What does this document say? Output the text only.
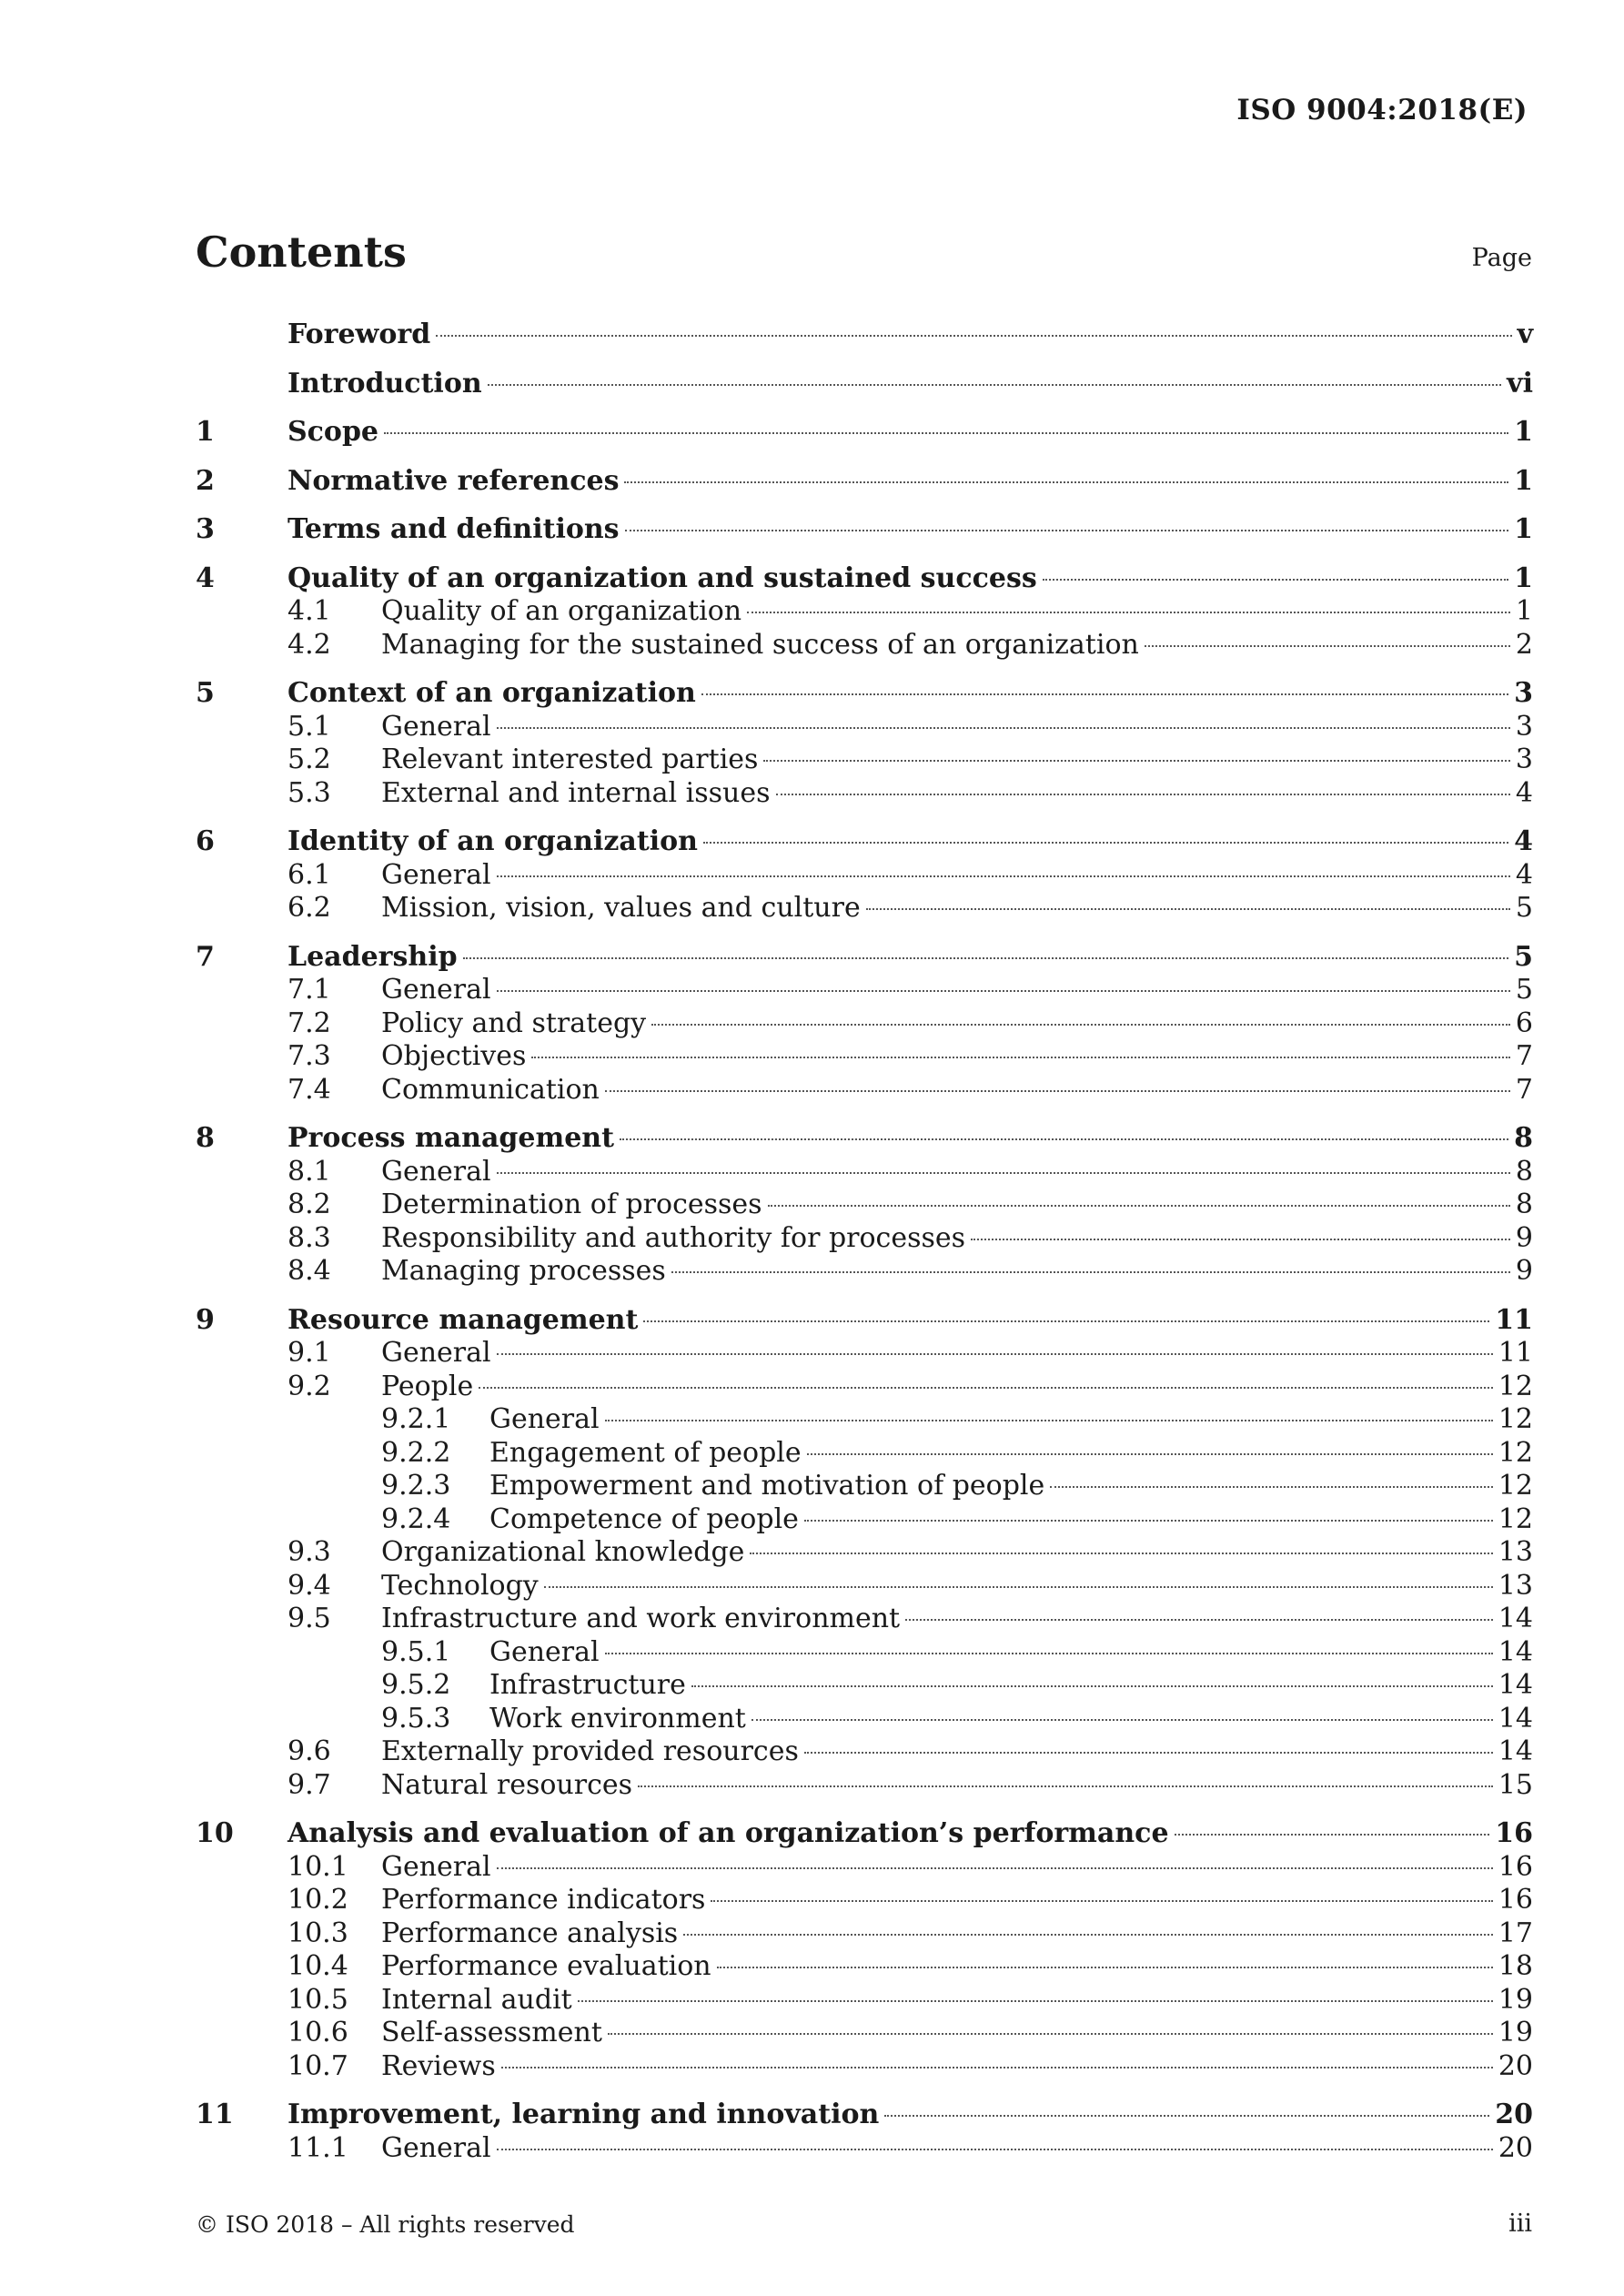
ISO 9004:2018(E)
Contents	Page
Foreword	v
Introduction	vi
1	Scope	1
2	Normative references	1
3	Terms and definitions	1
4	Quality of an organization and sustained success	1
4.1	Quality of an organization	1
4.2	Managing for the sustained success of an organization	2
5	Context of an organization	3
5.1	General	3
5.2	Relevant interested parties	3
5.3	External and internal issues	4
6	Identity of an organization	4
6.1	General	4
6.2	Mission, vision, values and culture	5
7	Leadership	5
7.1	General	5
7.2	Policy and strategy	6
7.3	Objectives	7
7.4	Communication	7
8	Process management	8
8.1	General	8
8.2	Determination of processes	8
8.3	Responsibility and authority for processes	9
8.4	Managing processes	9
9	Resource management	11
9.1	General	11
9.2	People	12
9.2.1	General	12
9.2.2	Engagement of people	12
9.2.3	Empowerment and motivation of people	12
9.2.4	Competence of people	12
9.3	Organizational knowledge	13
9.4	Technology	13
9.5	Infrastructure and work environment	14
9.5.1	General	14
9.5.2	Infrastructure	14
9.5.3	Work environment	14
9.6	Externally provided resources	14
9.7	Natural resources	15
10	Analysis and evaluation of an organization’s performance	16
10.1	General	16
10.2	Performance indicators	16
10.3	Performance analysis	17
10.4	Performance evaluation	18
10.5	Internal audit	19
10.6	Self-assessment	19
10.7	Reviews	20
11	Improvement, learning and innovation	20
11.1	General	20
© ISO 2018 – All rights reserved	iii
